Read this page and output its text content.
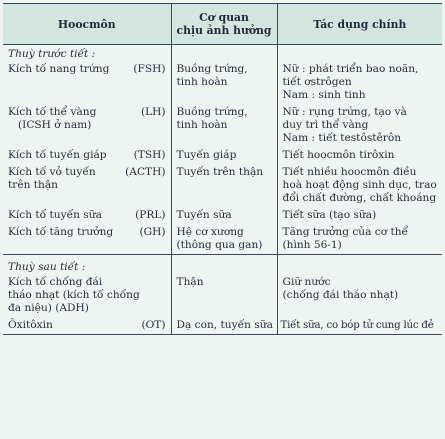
Hoocmôn	Cơ quan
chịu ảnh hưởng	Tác dụng chính
Thuỳ trước tiết :		

Kích tố nang trứng (FSH)	Buồng trứng,
tinh hoàn	Nữ : phát triển bao noãn,
tiết ơstrôgen
Nam : sinh tinh

Kích tố thể vàng (LH)
(ICSH ở nam)	Buồng trứng,
tinh hoàn	Nữ : rụng trứng, tạo và
duy trì thể vàng
Nam : tiết testôstêrôn

Kích tố tuyến giáp (TSH)	Tuyến giáp	Tiết hoocmôn tirôxin

Kích tố vỏ tuyến (ACTH)
trên thận	Tuyến trên thận	Tiết nhiều hoocmôn điều
hoà hoạt động sinh dục, trao
đổi chất đường, chất khoáng

Kích tố tuyến sữa (PRL)	Tuyến sữa	Tiết sữa (tạo sữa)

Kích tố tăng trưởng (GH)	Hệ cơ xương
(thông qua gan)	Tăng trưởng của cơ thể
(hình 56-1)

Thuỳ sau tiết :		

Kích tố chống đái
tháo nhạt (kích tố chống
đa niệu) (ADH)	Thận	Giữ nước
(chống đái tháo nhạt)

Ôxitôxin (OT)	Dạ con, tuyến sữa	Tiết sữa, co bóp tử cung lúc đẻ
